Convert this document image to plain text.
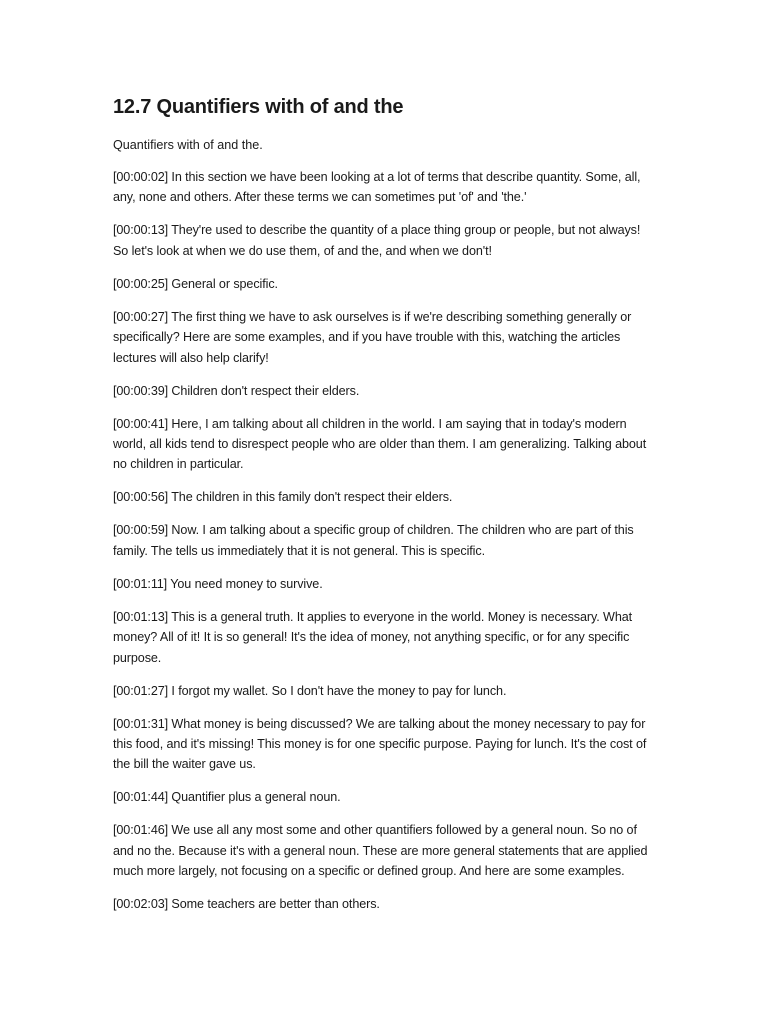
12.7 Quantifiers with of and the

Quantifiers with of and the.

[00:00:02] In this section we have been looking at a lot of terms that describe quantity. Some, all, any, none and others. After these terms we can sometimes put 'of' and 'the.'

[00:00:13] They're used to describe the quantity of a place thing group or people, but not always! So let's look at when we do use them, of and the, and when we don't!

[00:00:25] General or specific.

[00:00:27] The first thing we have to ask ourselves is if we're describing something generally or specifically? Here are some examples, and if you have trouble with this, watching the articles lectures will also help clarify!

[00:00:39] Children don't respect their elders.

[00:00:41] Here, I am talking about all children in the world. I am saying that in today's modern world, all kids tend to disrespect people who are older than them. I am generalizing. Talking about no children in particular.

[00:00:56] The children in this family don't respect their elders.

[00:00:59] Now. I am talking about a specific group of children. The children who are part of this family. The tells us immediately that it is not general. This is specific.

[00:01:11] You need money to survive.

[00:01:13] This is a general truth. It applies to everyone in the world. Money is necessary. What money? All of it! It is so general! It's the idea of money, not anything specific, or for any specific purpose.

[00:01:27] I forgot my wallet. So I don't have the money to pay for lunch.

[00:01:31] What money is being discussed? We are talking about the money necessary to pay for this food, and it's missing! This money is for one specific purpose. Paying for lunch. It's the cost of the bill the waiter gave us.

[00:01:44] Quantifier plus a general noun.

[00:01:46] We use all any most some and other quantifiers followed by a general noun. So no of and no the. Because it's with a general noun. These are more general statements that are applied much more largely, not focusing on a specific or defined group. And here are some examples.

[00:02:03] Some teachers are better than others.
